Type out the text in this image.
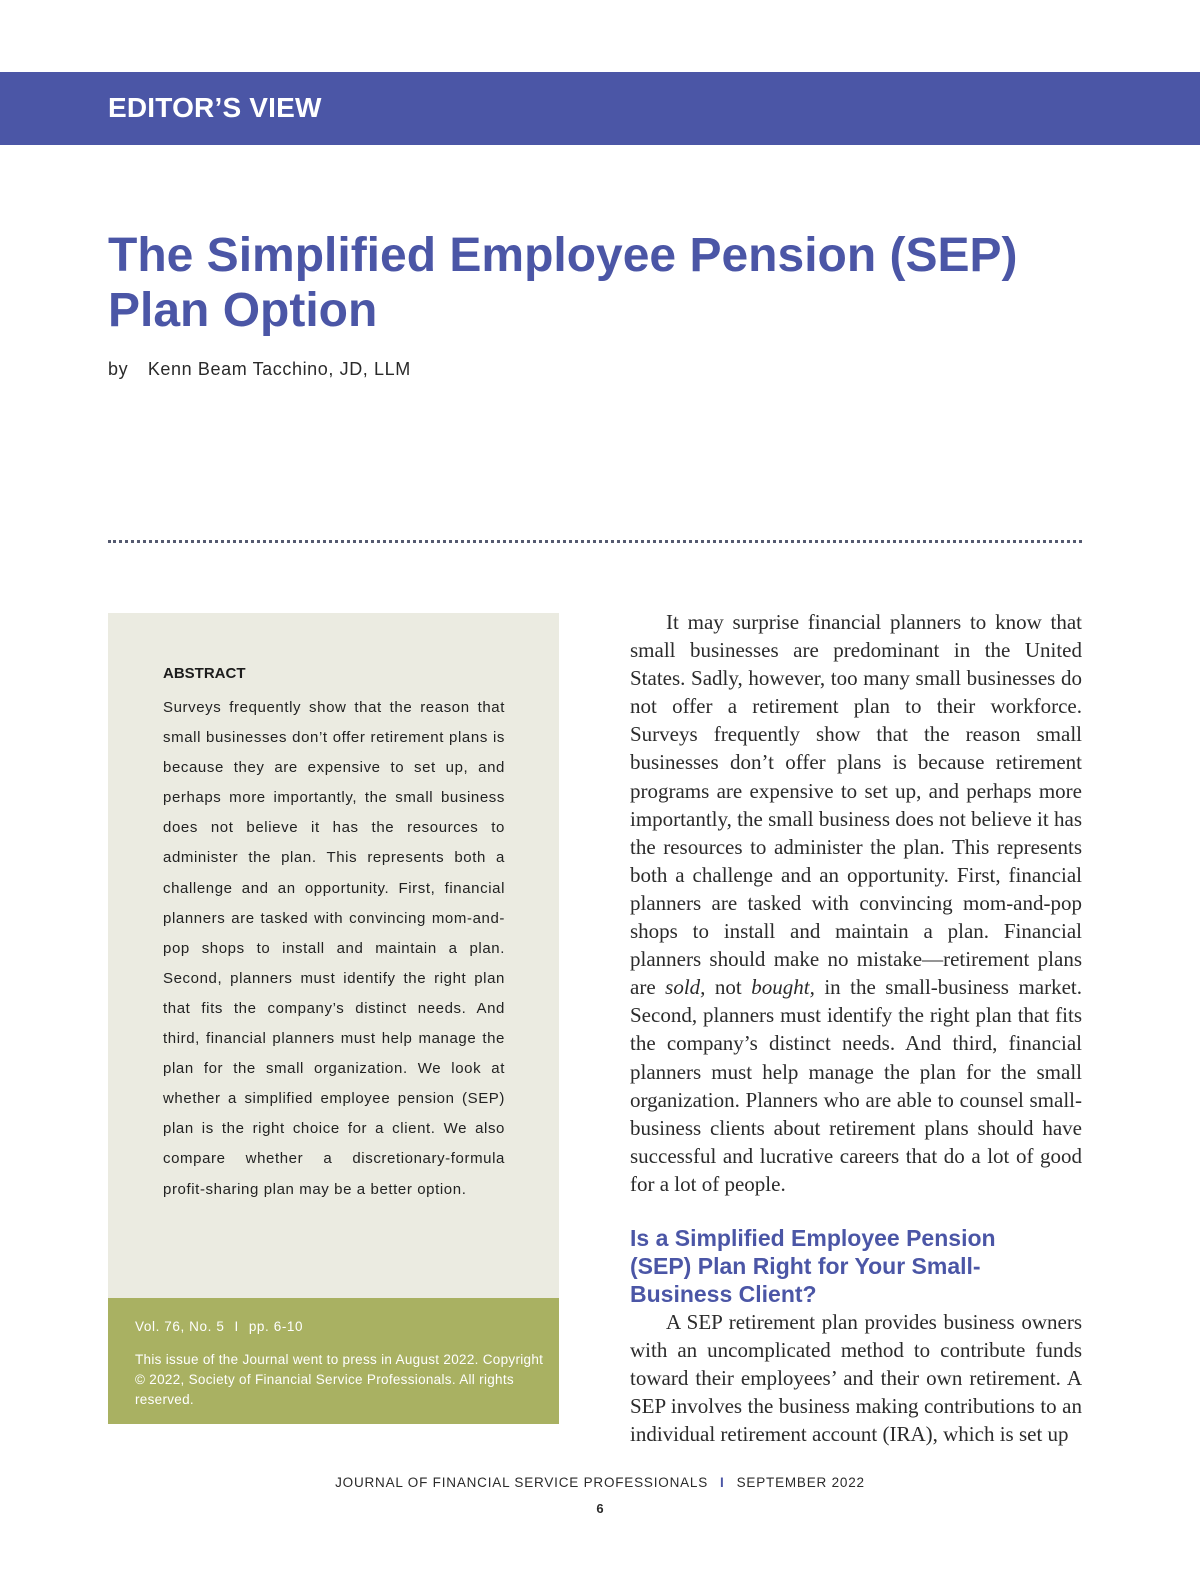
EDITOR’S VIEW
The Simplified Employee Pension (SEP)
Plan Option
by Kenn Beam Tacchino, JD, LLM
ABSTRACT

Surveys frequently show that the reason that small businesses don’t offer retirement plans is because they are expensive to set up, and perhaps more importantly, the small business does not believe it has the resources to administer the plan. This represents both a challenge and an opportunity. First, financial planners are tasked with convincing mom-and-pop shops to install and maintain a plan. Second, planners must identify the right plan that fits the company’s distinct needs. And third, financial planners must help manage the plan for the small organization. We look at whether a simplified employee pension (SEP) plan is the right choice for a client. We also compare whether a discretionary-formula profit-sharing plan may be a better option.

Vol. 76, No. 5 I pp. 6-10

This issue of the Journal went to press in August 2022. Copyright © 2022, Society of Financial Service Professionals. All rights reserved.

It may surprise financial planners to know that small businesses are predominant in the United States. Sadly, however, too many small businesses do not offer a retirement plan to their workforce. Surveys frequently show that the reason small businesses don’t offer plans is because retirement programs are expensive to set up, and perhaps more importantly, the small business does not believe it has the resources to administer the plan. This represents both a challenge and an opportunity. First, financial planners are tasked with convincing mom-and-pop shops to install and maintain a plan. Financial planners should make no mistake—retirement plans are sold, not bought, in the small-business market. Second, planners must identify the right plan that fits the company’s distinct needs. And third, financial planners must help manage the plan for the small organization. Planners who are able to counsel small-business clients about retirement plans should have successful and lucrative careers that do a lot of good for a lot of people.

Is a Simplified Employee Pension (SEP) Plan Right for Your Small-Business Client?

A SEP retirement plan provides business owners with an uncomplicated method to contribute funds toward their employees’ and their own retirement. A SEP involves the business making contributions to an individual retirement account (IRA), which is set up

JOURNAL OF FINANCIAL SERVICE PROFESSIONALS I SEPTEMBER 2022
6
